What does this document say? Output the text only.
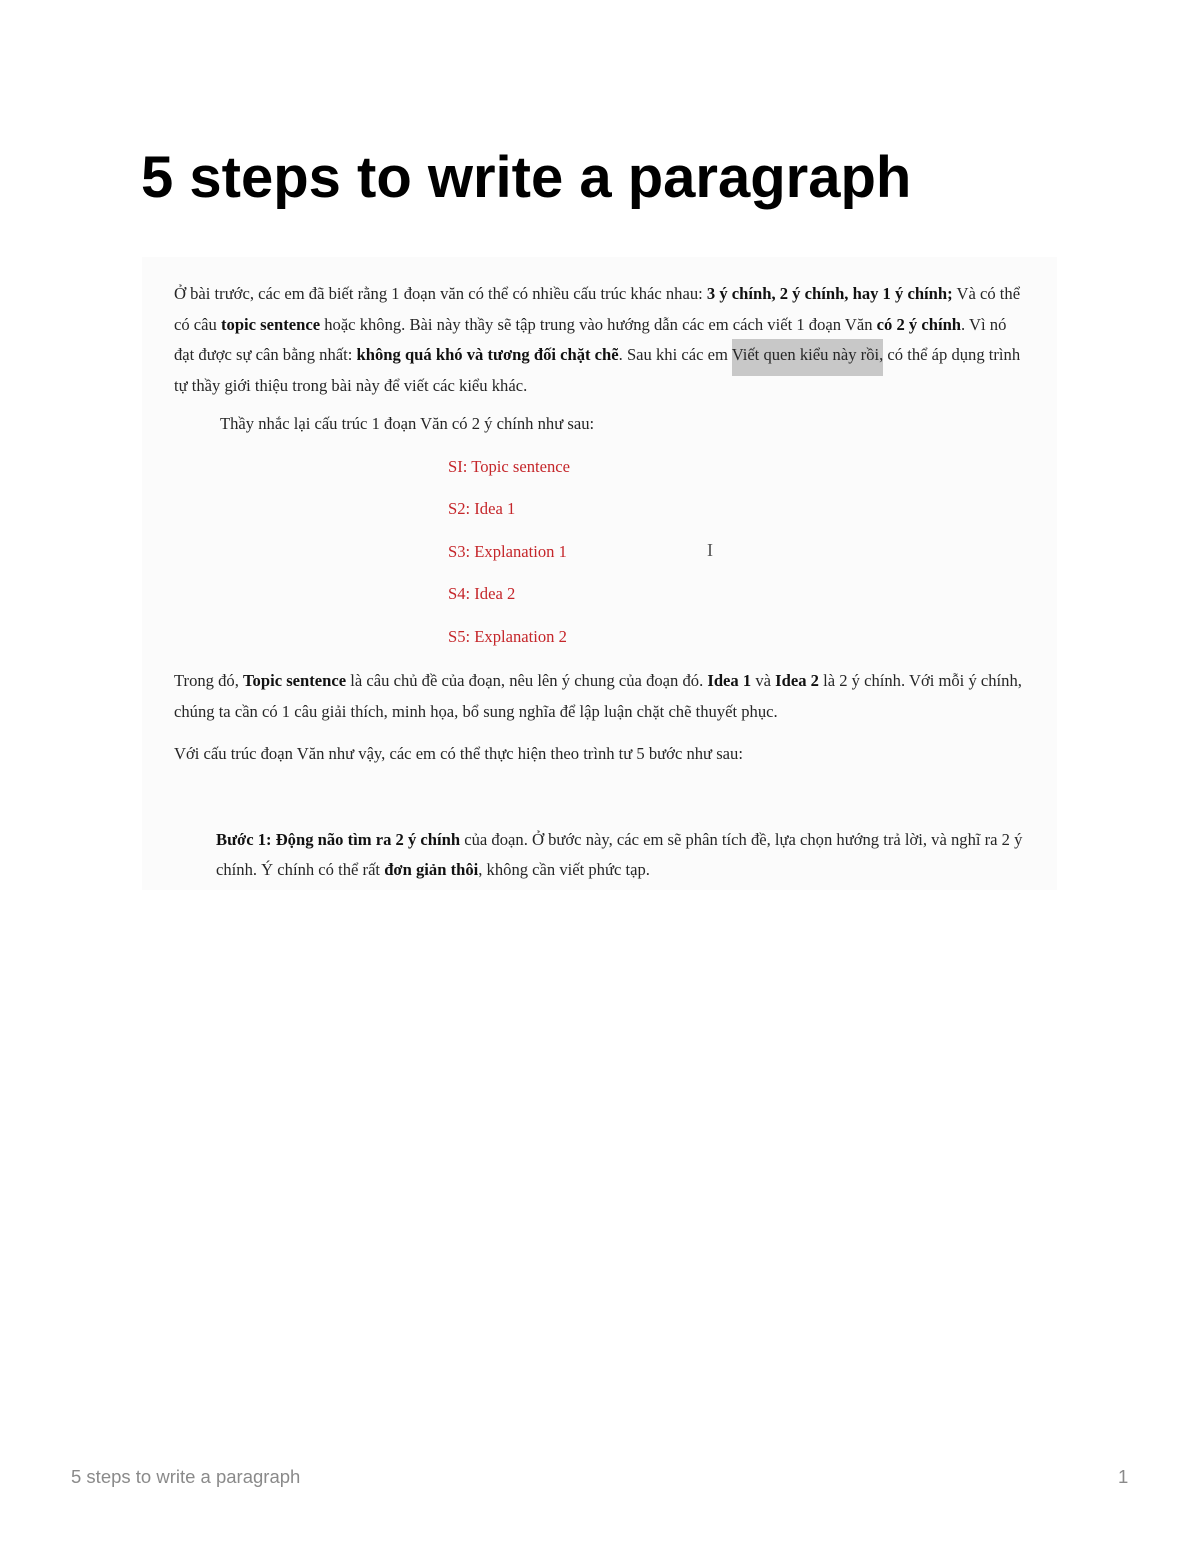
5 steps to write a paragraph

Ở bài trước, các em đã biết rằng 1 đoạn văn có thể có nhiều cấu trúc khác nhau: 3 ý chính, 2 ý chính, hay 1 ý chính; Và có thể có câu topic sentence hoặc không. Bài này thầy sẽ tập trung vào hướng dẫn các em cách viết 1 đoạn Văn có 2 ý chính. Vì nó đạt được sự cân bằng nhất: không quá khó và tương đối chặt chẽ. Sau khi các em Viết quen kiểu này rồi, có thể áp dụng trình tự thầy giới thiệu trong bài này để viết các kiểu khác.

Thầy nhắc lại cấu trúc 1 đoạn Văn có 2 ý chính như sau:

SI: Topic sentence
S2: Idea 1
S3: Explanation 1
S4: Idea 2
S5: Explanation 2

Trong đó, Topic sentence là câu chủ đề của đoạn, nêu lên ý chung của đoạn đó. Idea 1 và Idea 2 là 2 ý chính. Với mỗi ý chính, chúng ta cần có 1 câu giải thích, minh họa, bổ sung nghĩa để lập luận chặt chẽ thuyết phục.

Với cấu trúc đoạn Văn như vậy, các em có thể thực hiện theo trình tư 5 bước như sau:

Bước 1: Động não tìm ra 2 ý chính của đoạn. Ở bước này, các em sẽ phân tích đề, lựa chọn hướng trả lời, và nghĩ ra 2 ý chính. Ý chính có thể rất đơn giản thôi, không cần viết phức tạp.

I
5 steps to write a paragraph	1
